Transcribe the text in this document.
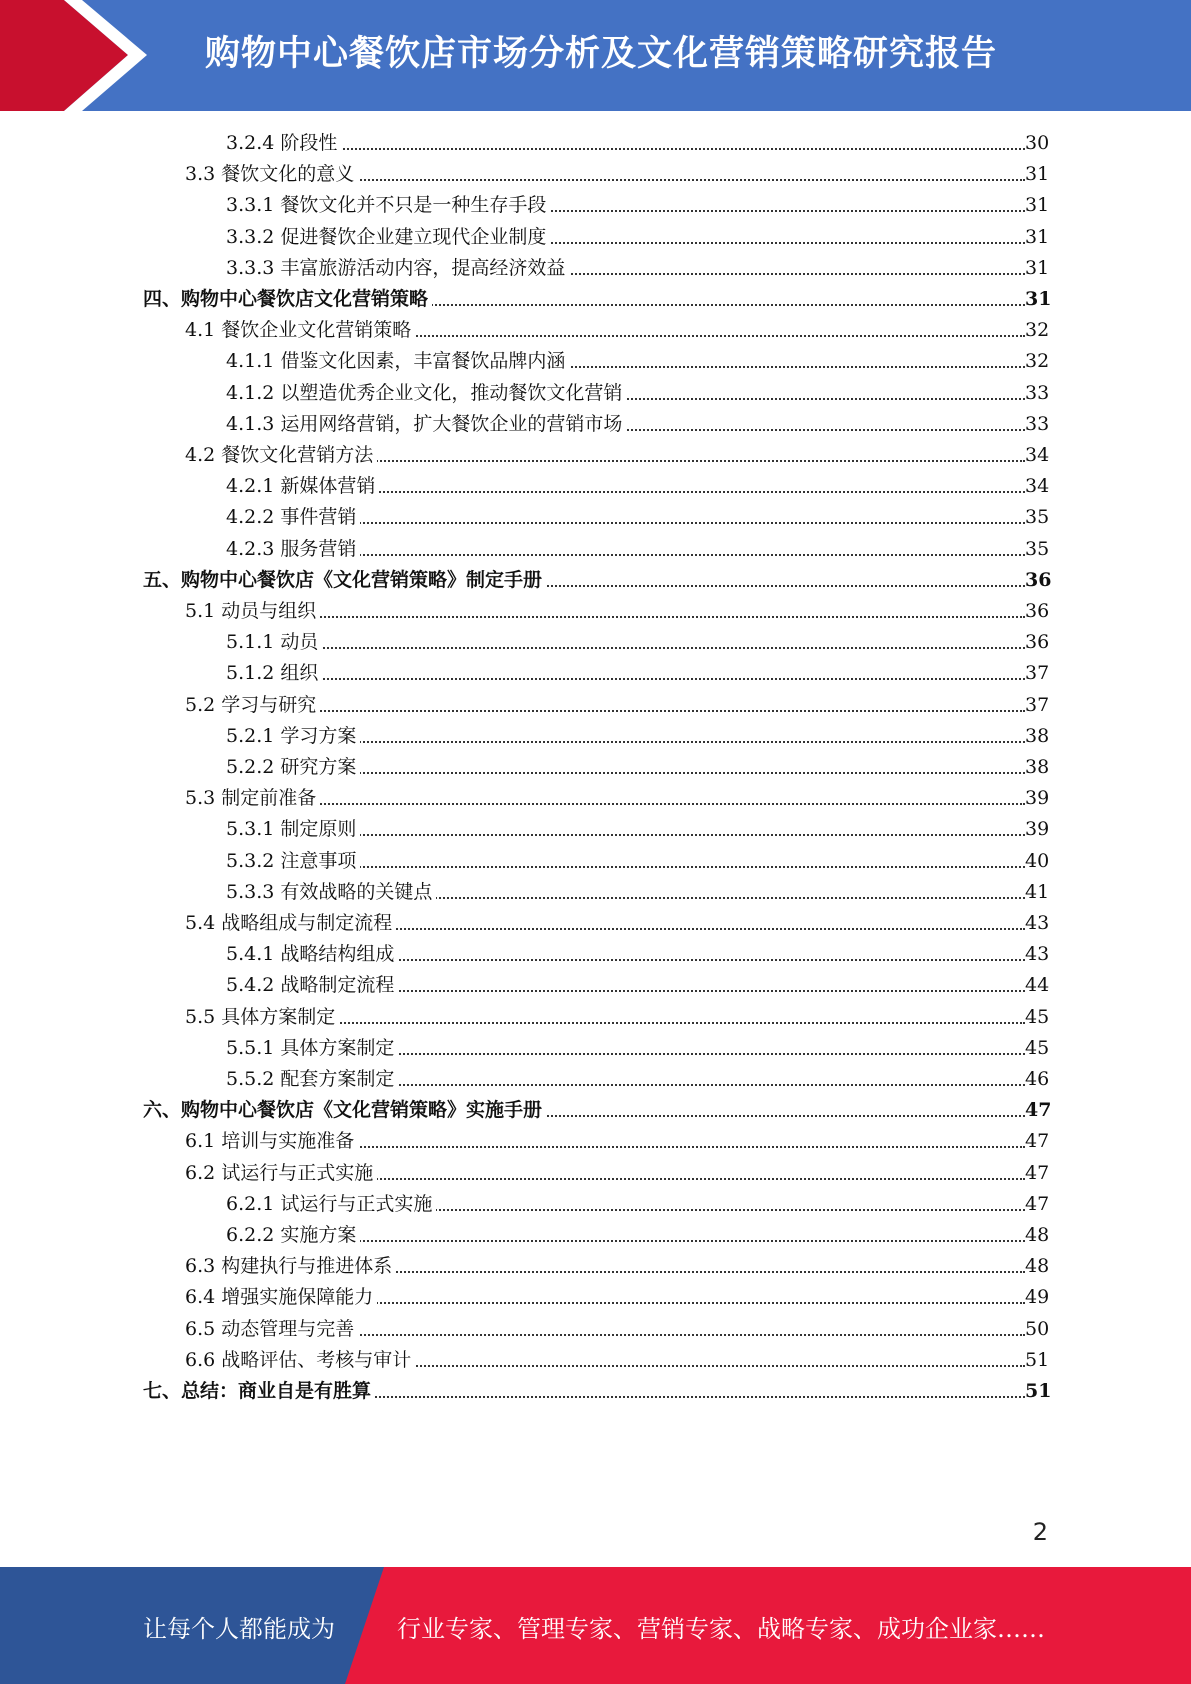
购物中心餐饮店市场分析及文化营销策略研究报告
3.2.4 阶段性	30
3.3 餐饮文化的意义	31
3.3.1 餐饮文化并不只是一种生存手段	31
3.3.2 促进餐饮企业建立现代企业制度	31
3.3.3 丰富旅游活动内容，提高经济效益	31
四、购物中心餐饮店文化营销策略	31
4.1 餐饮企业文化营销策略	32
4.1.1 借鉴文化因素，丰富餐饮品牌内涵	32
4.1.2 以塑造优秀企业文化，推动餐饮文化营销	33
4.1.3 运用网络营销，扩大餐饮企业的营销市场	33
4.2 餐饮文化营销方法	34
4.2.1 新媒体营销	34
4.2.2 事件营销	35
4.2.3 服务营销	35
五、购物中心餐饮店《文化营销策略》制定手册	36
5.1 动员与组织	36
5.1.1 动员	36
5.1.2 组织	37
5.2 学习与研究	37
5.2.1 学习方案	38
5.2.2 研究方案	38
5.3 制定前准备	39
5.3.1 制定原则	39
5.3.2 注意事项	40
5.3.3 有效战略的关键点	41
5.4 战略组成与制定流程	43
5.4.1 战略结构组成	43
5.4.2 战略制定流程	44
5.5 具体方案制定	45
5.5.1 具体方案制定	45
5.5.2 配套方案制定	46
六、购物中心餐饮店《文化营销策略》实施手册	47
6.1 培训与实施准备	47
6.2 试运行与正式实施	47
6.2.1 试运行与正式实施	47
6.2.2 实施方案	48
6.3 构建执行与推进体系	48
6.4 增强实施保障能力	49
6.5 动态管理与完善	50
6.6 战略评估、考核与审计	51
七、总结：商业自是有胜算	51
2
让每个人都能成为	行业专家、管理专家、营销专家、战略专家、成功企业家……
